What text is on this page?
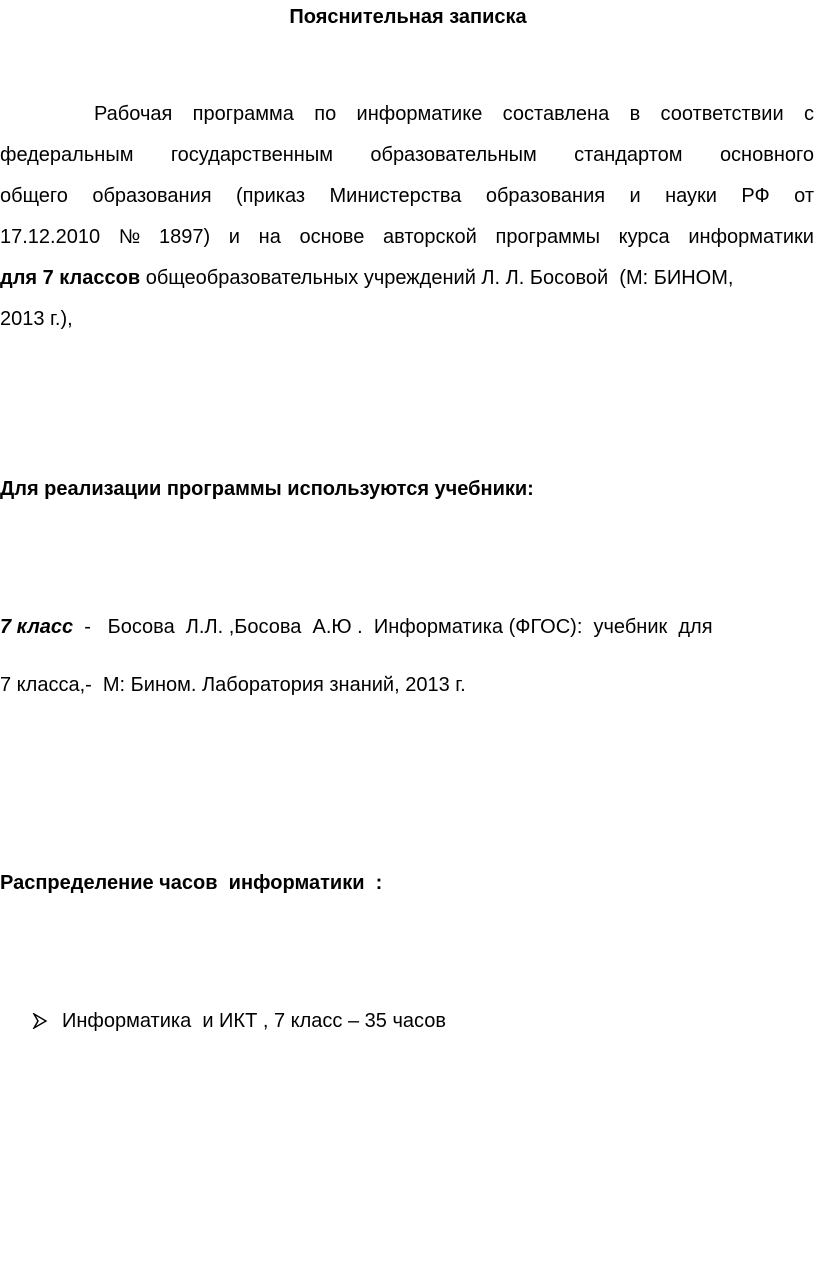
Пояснительная записка
Рабочая программа по информатике составлена в соответствии с
федеральным государственным образовательным стандартом основного
общего образования (приказ Министерства образования и науки РФ от
17.12.2010 № 1897) и на основе авторской программы курса информатики
для 7 классов общеобразовательных учреждений Л. Л. Босовой  (М: БИНОМ,
2013 г.),
Для реализации программы используются учебники:
7 класс  -   Босова  Л.Л. ,Босова  А.Ю .  Информатика (ФГОС):  учебник  для
7 класса,-  М: Бином. Лаборатория знаний, 2013 г.
Распределение часов  информатики  :
Информатика  и ИКТ , 7 класс – 35 часов
